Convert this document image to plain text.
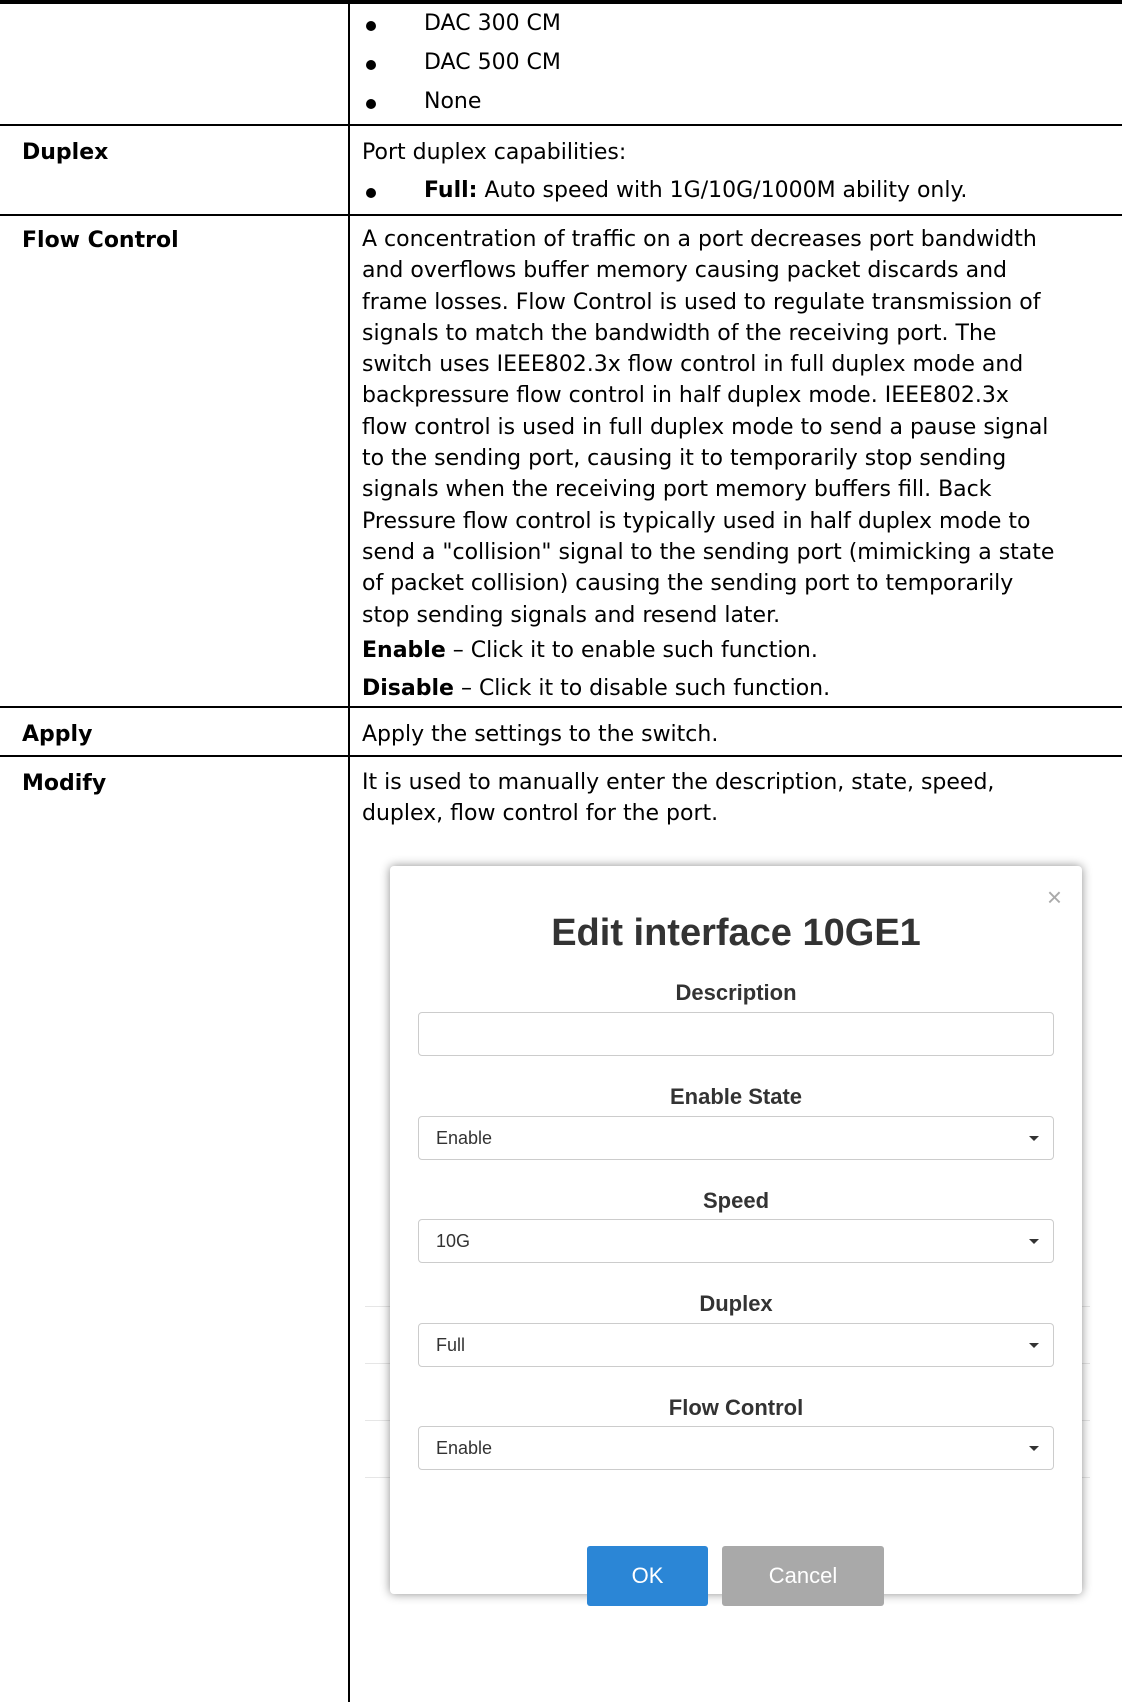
DAC 300 CM
DAC 500 CM
None
Duplex	Port duplex capabilities:
Full: Auto speed with 1G/10G/1000M ability only.
Flow Control	A concentration of traffic on a port decreases port bandwidth
and overflows buffer memory causing packet discards and
frame losses. Flow Control is used to regulate transmission of
signals to match the bandwidth of the receiving port. The
switch uses IEEE802.3x flow control in full duplex mode and
backpressure flow control in half duplex mode. IEEE802.3x
flow control is used in full duplex mode to send a pause signal
to the sending port, causing it to temporarily stop sending
signals when the receiving port memory buffers fill. Back
Pressure flow control is typically used in half duplex mode to
send a "collision" signal to the sending port (mimicking a state
of packet collision) causing the sending port to temporarily
stop sending signals and resend later.
Enable – Click it to enable such function.
Disable – Click it to disable such function.
Apply	Apply the settings to the switch.
Modify	It is used to manually enter the description, state, speed,
duplex, flow control for the port.
×
Edit interface 10GE1
Description
Enable State
Enable
Speed
10G
Duplex
Full
Flow Control
Enable
OK	Cancel
